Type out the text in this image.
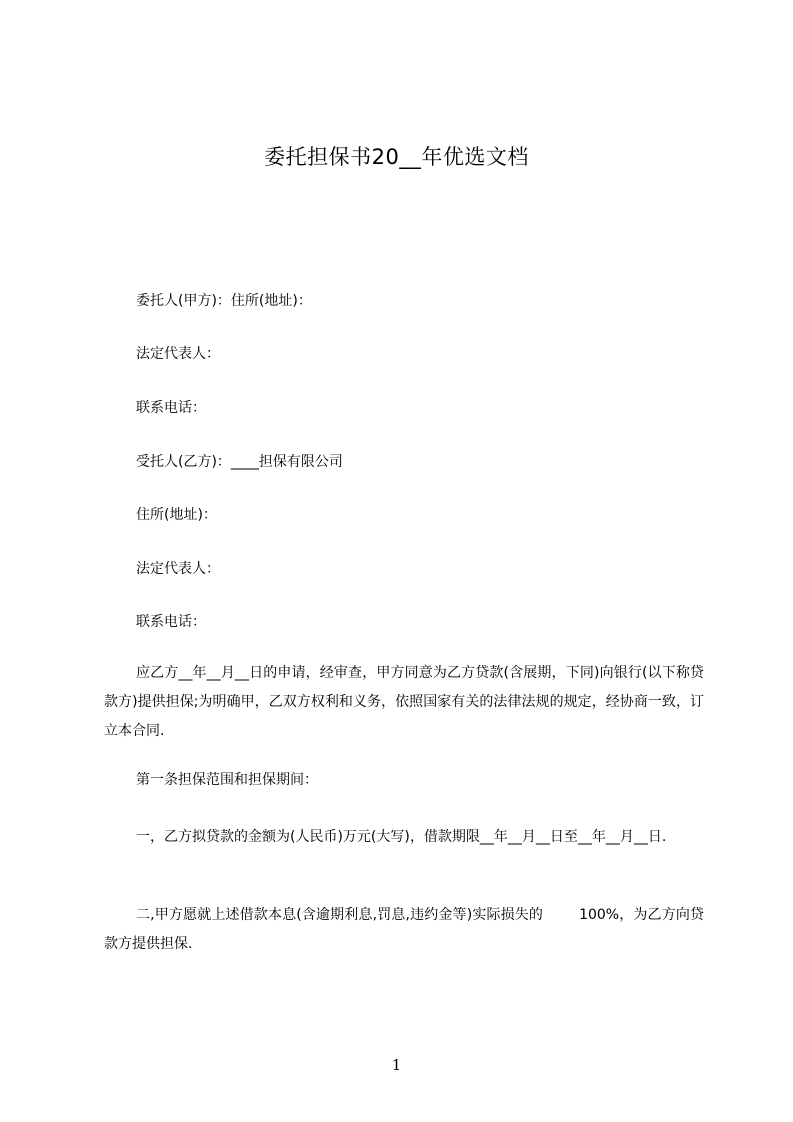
委托担保书20__年优选文档
委托人(甲方)：住所(地址)：
法定代表人：
联系电话：
受托人(乙方)：____担保有限公司
住所(地址)：
法定代表人：
联系电话：
应乙方__年__月__日的申请，经审查，甲方同意为乙方贷款(含展期，下同)向银行(以下称贷款方)提供担保;为明确甲，乙双方权利和义务，依照国家有关的法律法规的规定，经协商一致，订立本合同.
第一条担保范围和担保期间：
一，乙方拟贷款的金额为(人民币)万元(大写)，借款期限__年__月__日至__年__月__日.
二,甲方愿就上述借款本息(含逾期利息,罚息,违约金等)实际损失的	100%，为乙方向贷款方提供担保.
1
